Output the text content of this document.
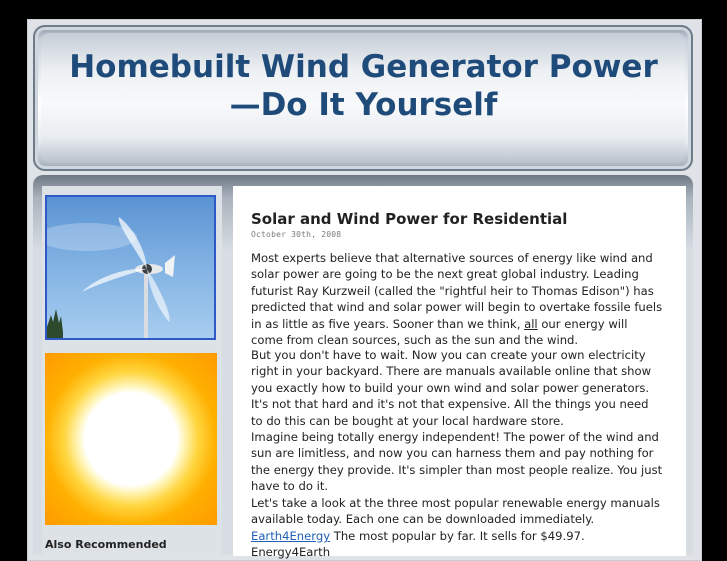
Homebuilt Wind Generator Power
—Do It Yourself
Also Recommended
Solar and Wind Power for Residential
October 30th, 2008

Most experts believe that alternative sources of energy like wind and solar power are going to be the next great global industry. Leading futurist Ray Kurzweil (called the "rightful heir to Thomas Edison") has predicted that wind and solar power will begin to overtake fossile fuels in as little as five years. Sooner than we think, all our energy will come from clean sources, such as the sun and the wind.

But you don't have to wait. Now you can create your own electricity right in your backyard. There are manuals available online that show you exactly how to build your own wind and solar power generators. It's not that hard and it's not that expensive. All the things you need to do this can be bought at your local hardware store.

Imagine being totally energy independent! The power of the wind and sun are limitless, and now you can harness them and pay nothing for the energy they provide. It's simpler than most people realize. You just have to do it.

Let's take a look at the three most popular renewable energy manuals available today. Each one can be downloaded immediately.

Earth4Energy The most popular by far. It sells for $49.97. Energy4Earth
